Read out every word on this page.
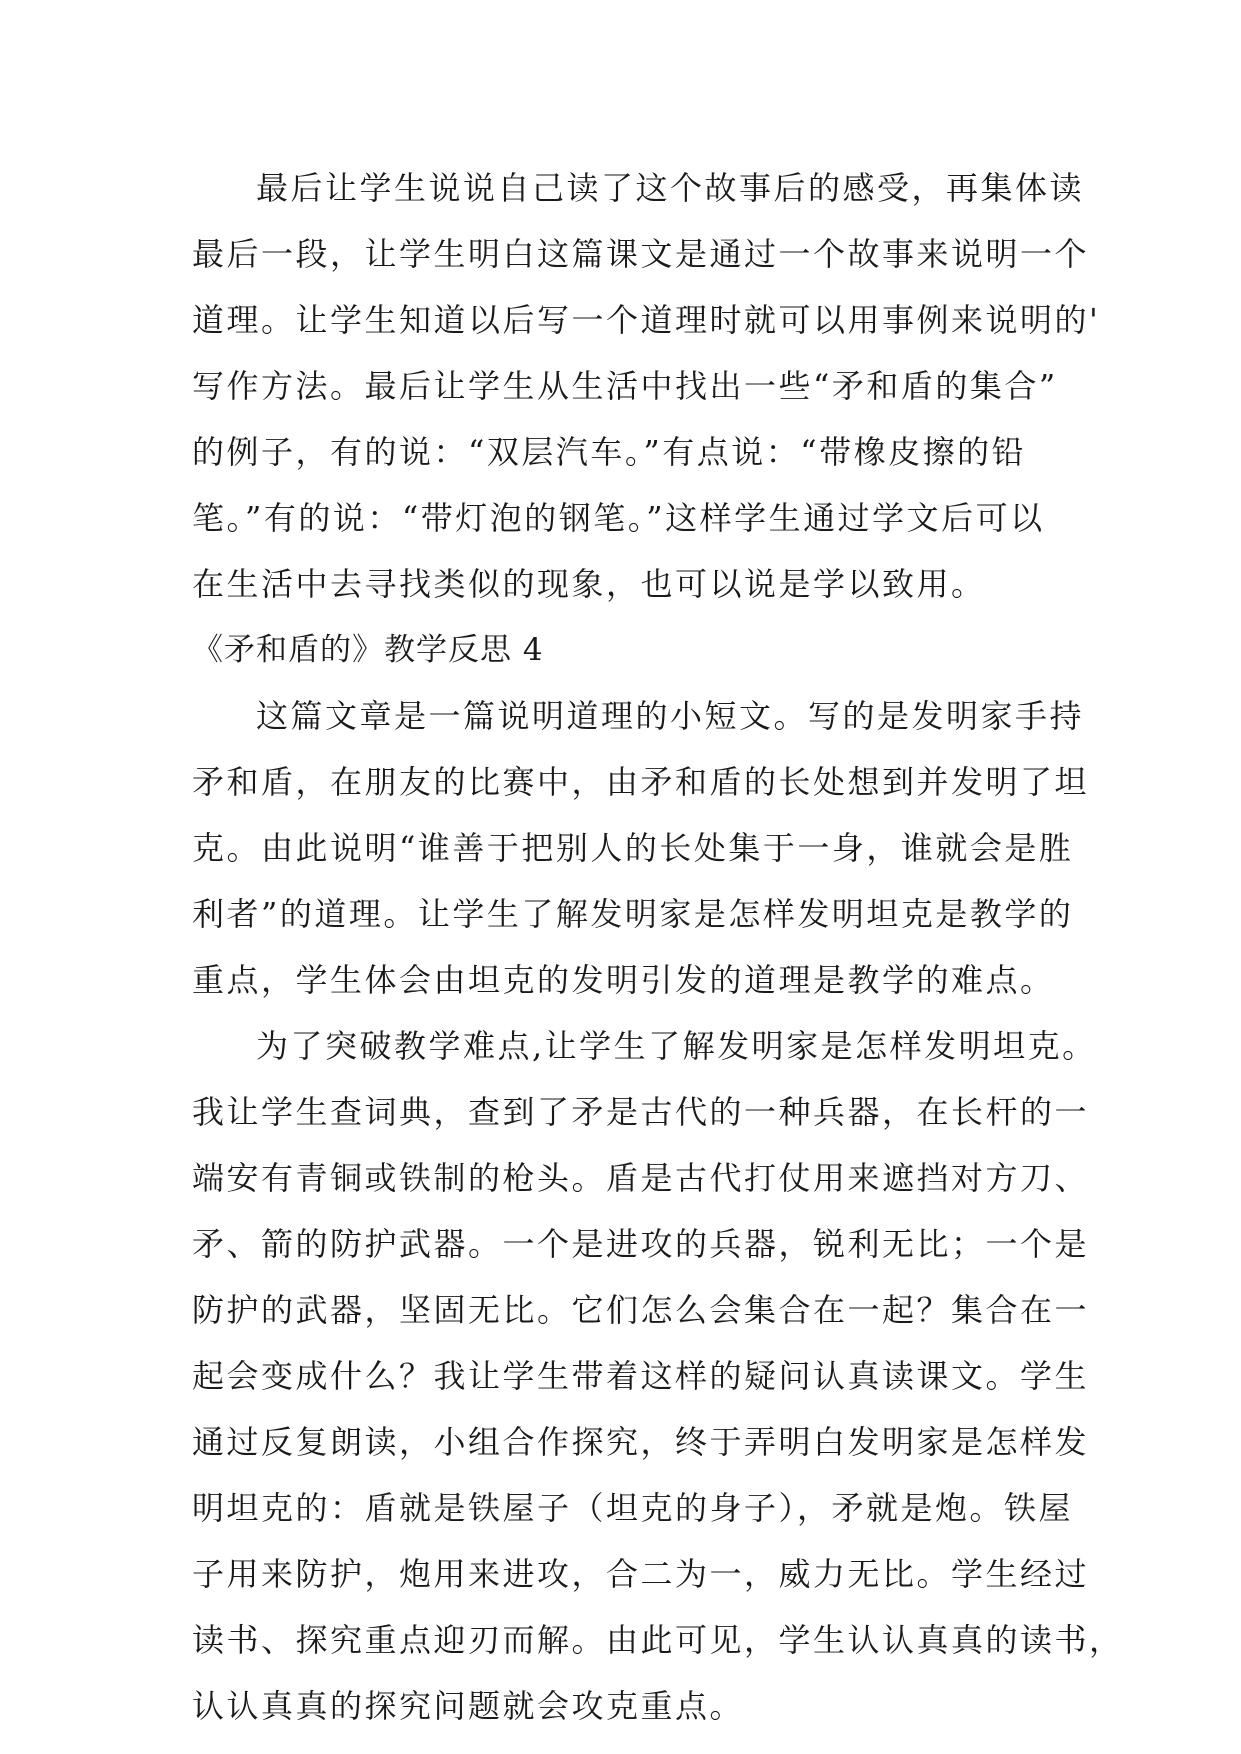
最后让学生说说自己读了这个故事后的感受，再集体读
最后一段，让学生明白这篇课文是通过一个故事来说明一个
道理。让学生知道以后写一个道理时就可以用事例来说明的'
写作方法。最后让学生从生活中找出一些“矛和盾的集合”
的例子，有的说：“双层汽车。”有点说：“带橡皮擦的铅
笔。”有的说：“带灯泡的钢笔。”这样学生通过学文后可以
在生活中去寻找类似的现象，也可以说是学以致用。
《矛和盾的》教学反思 4
这篇文章是一篇说明道理的小短文。写的是发明家手持
矛和盾，在朋友的比赛中，由矛和盾的长处想到并发明了坦
克。由此说明“谁善于把别人的长处集于一身，谁就会是胜
利者”的道理。让学生了解发明家是怎样发明坦克是教学的
重点，学生体会由坦克的发明引发的道理是教学的难点。
为了突破教学难点,让学生了解发明家是怎样发明坦克。
我让学生查词典，查到了矛是古代的一种兵器，在长杆的一
端安有青铜或铁制的枪头。盾是古代打仗用来遮挡对方刀、
矛、箭的防护武器。一个是进攻的兵器，锐利无比；一个是
防护的武器，坚固无比。它们怎么会集合在一起？集合在一
起会变成什么？我让学生带着这样的疑问认真读课文。学生
通过反复朗读，小组合作探究，终于弄明白发明家是怎样发
明坦克的：盾就是铁屋子（坦克的身子），矛就是炮。铁屋
子用来防护，炮用来进攻，合二为一，威力无比。学生经过
读书、探究重点迎刃而解。由此可见，学生认认真真的读书，
认认真真的探究问题就会攻克重点。
